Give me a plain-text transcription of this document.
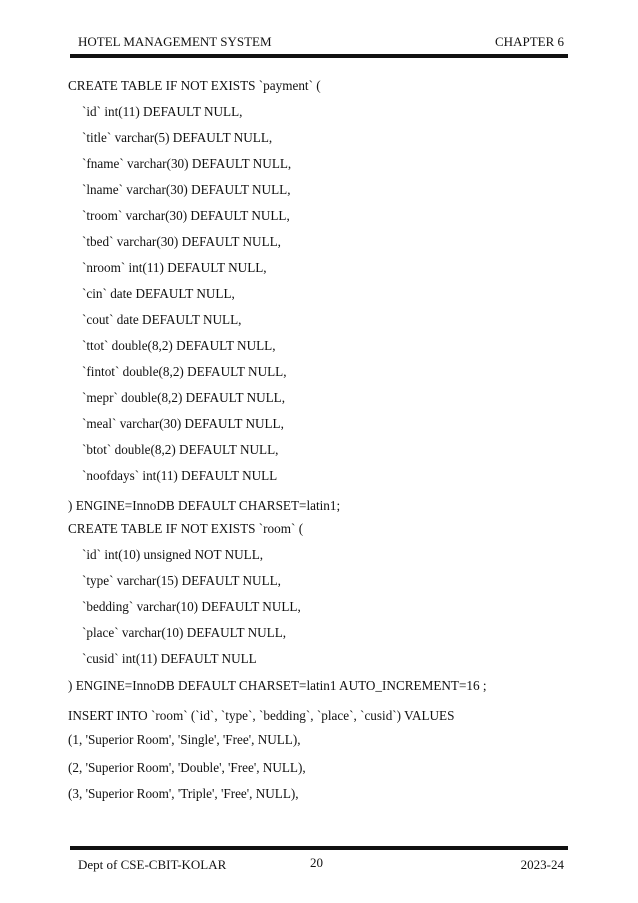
HOTEL MANAGEMENT SYSTEM	CHAPTER 6
CREATE TABLE IF NOT EXISTS `payment` (
`id` int(11) DEFAULT NULL,
`title` varchar(5) DEFAULT NULL,
`fname` varchar(30) DEFAULT NULL,
`lname` varchar(30) DEFAULT NULL,
`troom` varchar(30) DEFAULT NULL,
`tbed` varchar(30) DEFAULT NULL,
`nroom` int(11) DEFAULT NULL,
`cin` date DEFAULT NULL,
`cout` date DEFAULT NULL,
`ttot` double(8,2) DEFAULT NULL,
`fintot` double(8,2) DEFAULT NULL,
`mepr` double(8,2) DEFAULT NULL,
`meal` varchar(30) DEFAULT NULL,
`btot` double(8,2) DEFAULT NULL,
`noofdays` int(11) DEFAULT NULL
) ENGINE=InnoDB DEFAULT CHARSET=latin1;
CREATE TABLE IF NOT EXISTS `room` (
`id` int(10) unsigned NOT NULL,
`type` varchar(15) DEFAULT NULL,
`bedding` varchar(10) DEFAULT NULL,
`place` varchar(10) DEFAULT NULL,
`cusid` int(11) DEFAULT NULL
) ENGINE=InnoDB DEFAULT CHARSET=latin1 AUTO_INCREMENT=16 ;
INSERT INTO `room` (`id`, `type`, `bedding`, `place`, `cusid`) VALUES
(1, 'Superior Room', 'Single', 'Free', NULL),
(2, 'Superior Room', 'Double', 'Free', NULL),
(3, 'Superior Room', 'Triple', 'Free', NULL),
Dept of CSE-CBIT-KOLAR	20	2023-24
